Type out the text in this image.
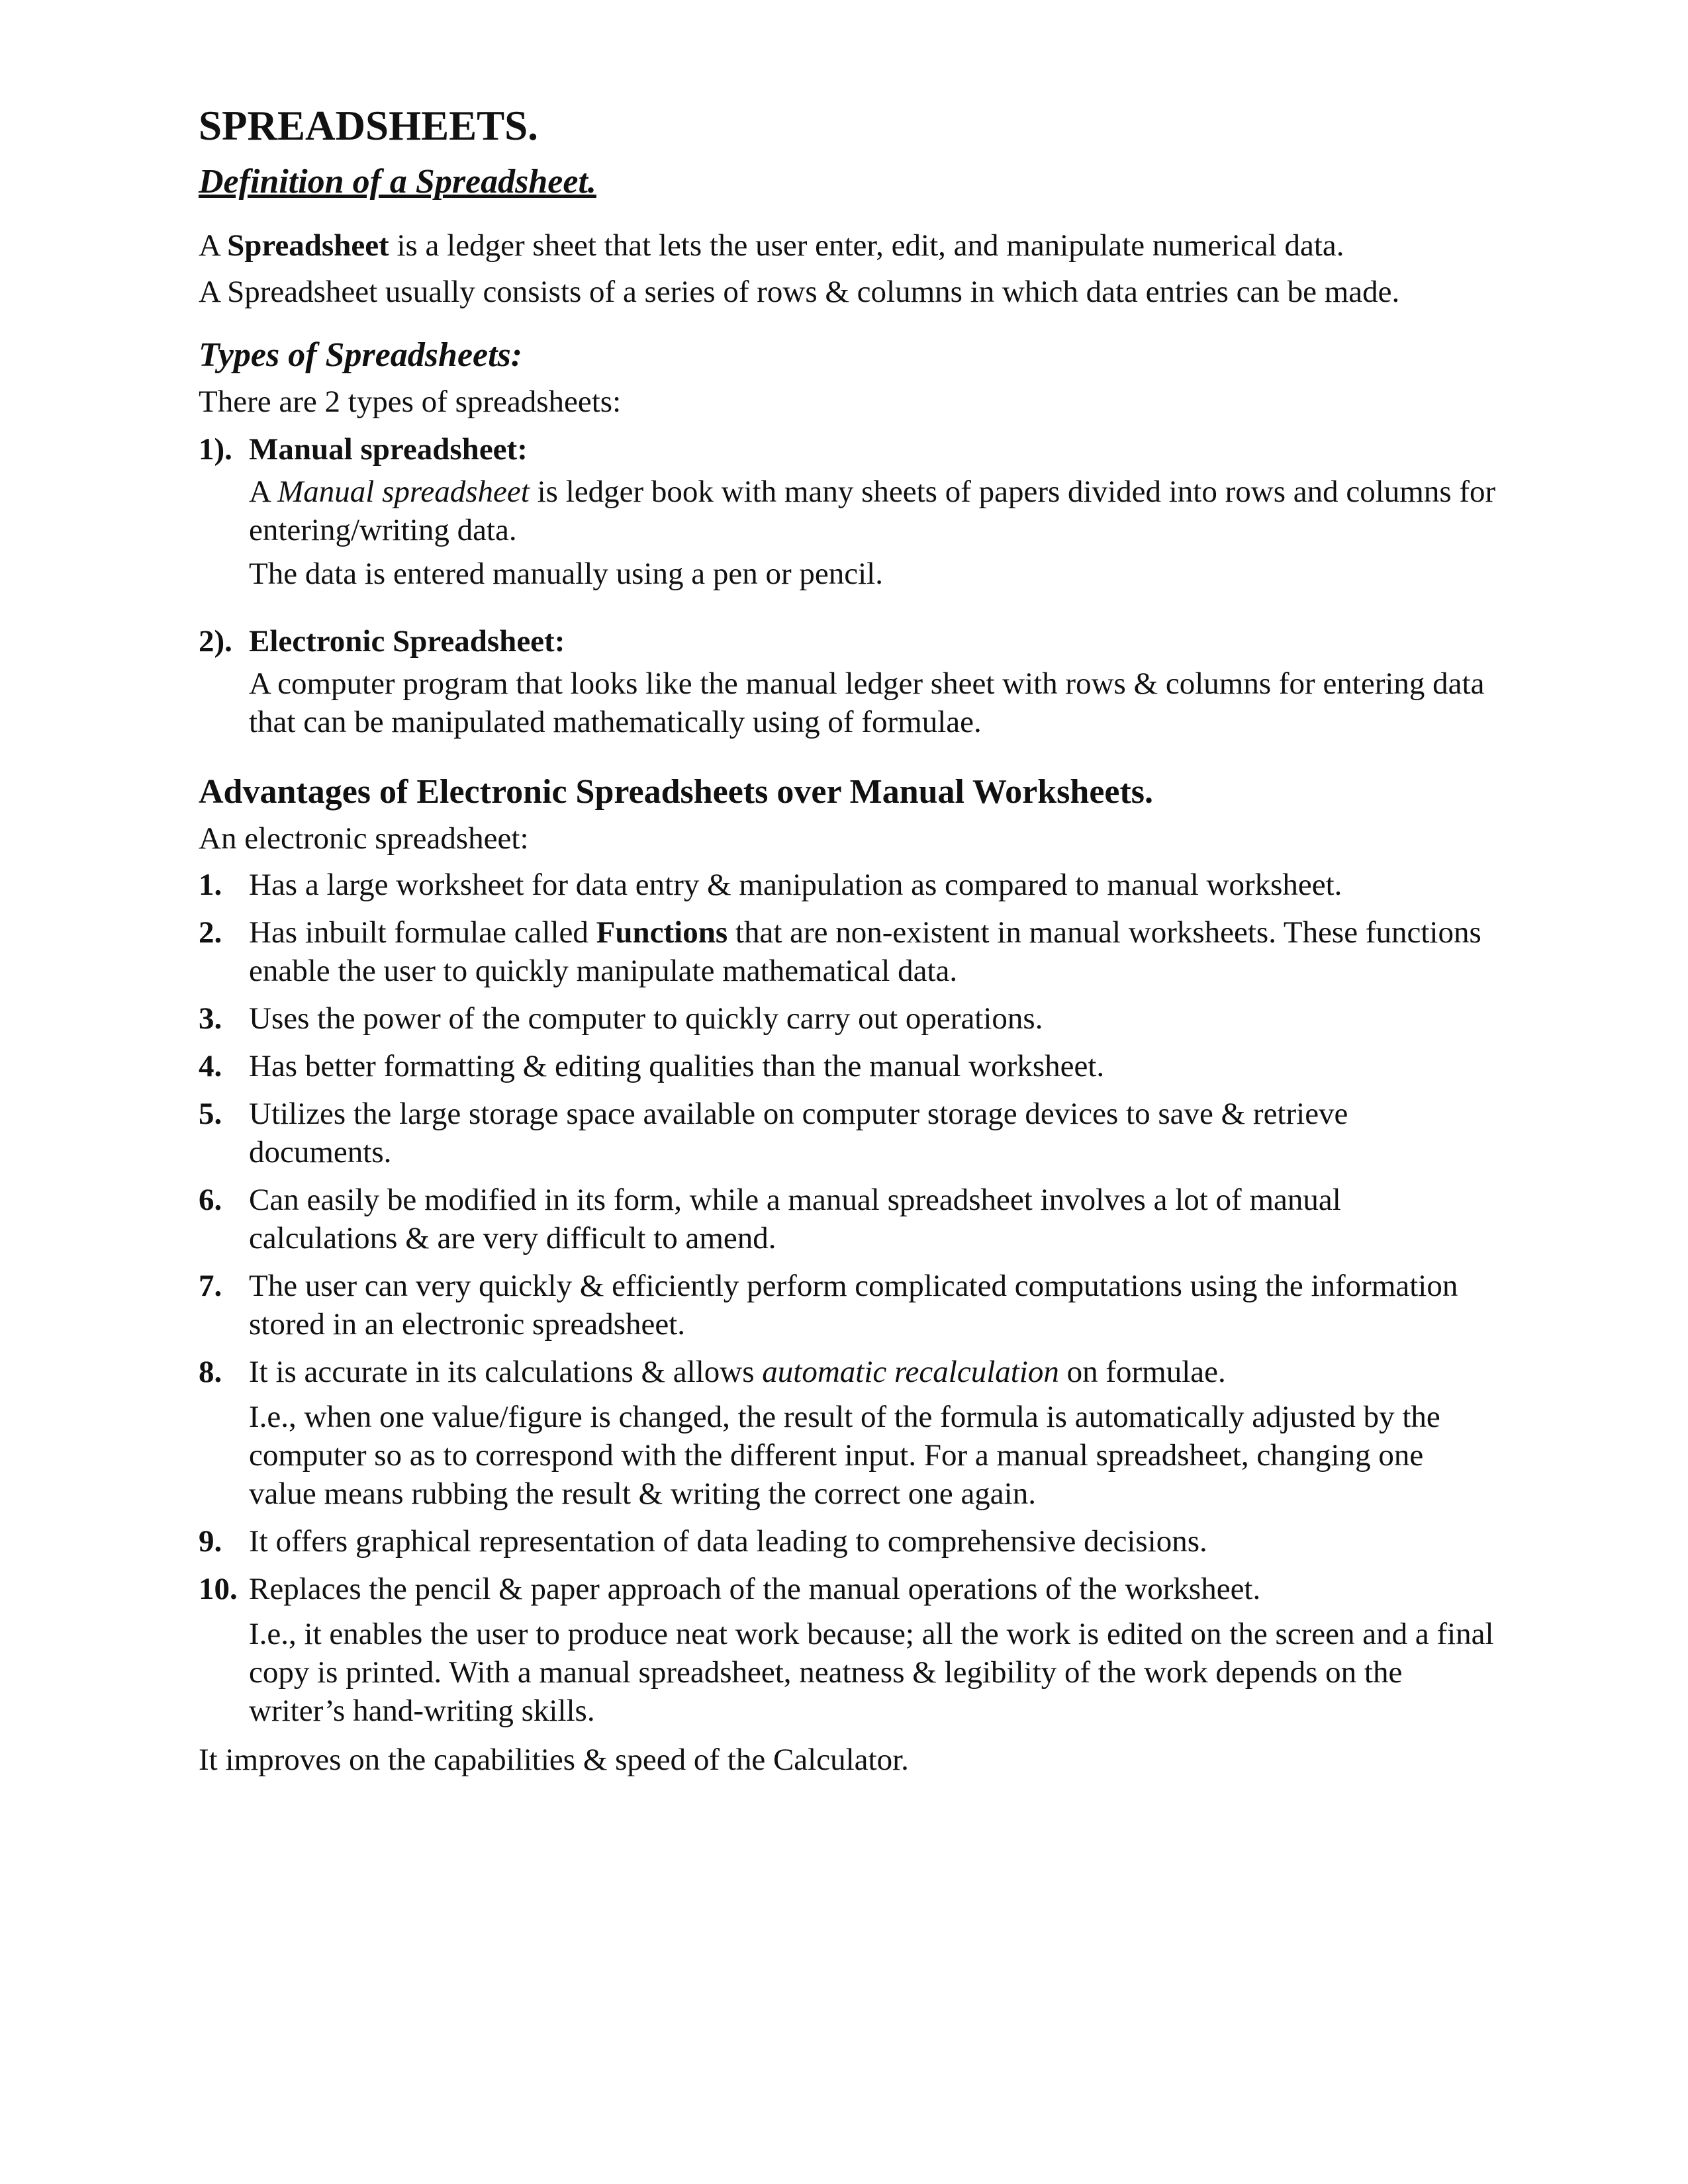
SPREADSHEETS.
Definition of a Spreadsheet.

A Spreadsheet is a ledger sheet that lets the user enter, edit, and manipulate numerical data.

A Spreadsheet usually consists of a series of rows & columns in which data entries can be made.

Types of Spreadsheets:

There are 2 types of spreadsheets:

1). Manual spreadsheet:

A Manual spreadsheet is ledger book with many sheets of papers divided into rows and columns for entering/writing data.

The data is entered manually using a pen or pencil.

2). Electronic Spreadsheet:

A computer program that looks like the manual ledger sheet with rows & columns for entering data that can be manipulated mathematically using of formulae.

Advantages of Electronic Spreadsheets over Manual Worksheets.

An electronic spreadsheet:

1. Has a large worksheet for data entry & manipulation as compared to manual worksheet.
2. Has inbuilt formulae called Functions that are non-existent in manual worksheets. These functions enable the user to quickly manipulate mathematical data.
3. Uses the power of the computer to quickly carry out operations.
4. Has better formatting & editing qualities than the manual worksheet.
5. Utilizes the large storage space available on computer storage devices to save & retrieve documents.
6. Can easily be modified in its form, while a manual spreadsheet involves a lot of manual calculations & are very difficult to amend.
7. The user can very quickly & efficiently perform complicated computations using the information stored in an electronic spreadsheet.
8. It is accurate in its calculations & allows automatic recalculation on formulae.
I.e., when one value/figure is changed, the result of the formula is automatically adjusted by the computer so as to correspond with the different input. For a manual spreadsheet, changing one value means rubbing the result & writing the correct one again.
9. It offers graphical representation of data leading to comprehensive decisions.
10. Replaces the pencil & paper approach of the manual operations of the worksheet.
I.e., it enables the user to produce neat work because; all the work is edited on the screen and a final copy is printed. With a manual spreadsheet, neatness & legibility of the work depends on the writer’s hand-writing skills.

It improves on the capabilities & speed of the Calculator.
